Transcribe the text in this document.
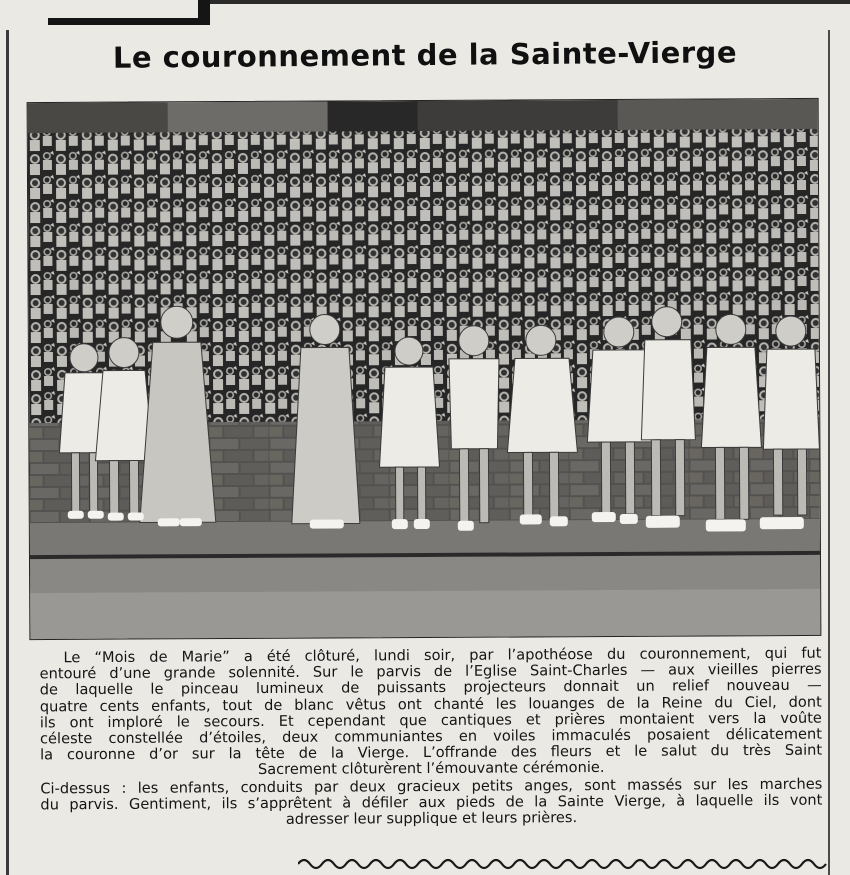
Le couronnement de la Sainte-Vierge
Le “Mois de Marie” a été clôturé, lundi soir, par l’apothéose du couronnement, qui fut
entouré d’une grande solennité. Sur le parvis de l’Eglise Saint-Charles — aux vieilles pierres
de laquelle le pinceau lumineux de puissants projecteurs donnait un relief nouveau —
quatre cents enfants, tout de blanc vêtus ont chanté les louanges de la Reine du Ciel, dont
ils ont imploré le secours. Et cependant que cantiques et prières montaient vers la voûte
céleste constellée d’étoiles, deux communiantes en voiles immaculés posaient délicatement
la couronne d’or sur la tête de la Vierge. L’offrande des fleurs et le salut du très Saint
Sacrement clôturèrent l’émouvante cérémonie.
Ci-dessus : les enfants, conduits par deux gracieux petits anges, sont massés sur les marches
du parvis. Gentiment, ils s’apprêtent à défiler aux pieds de la Sainte Vierge, à laquelle ils vont
adresser leur supplique et leurs prières.
